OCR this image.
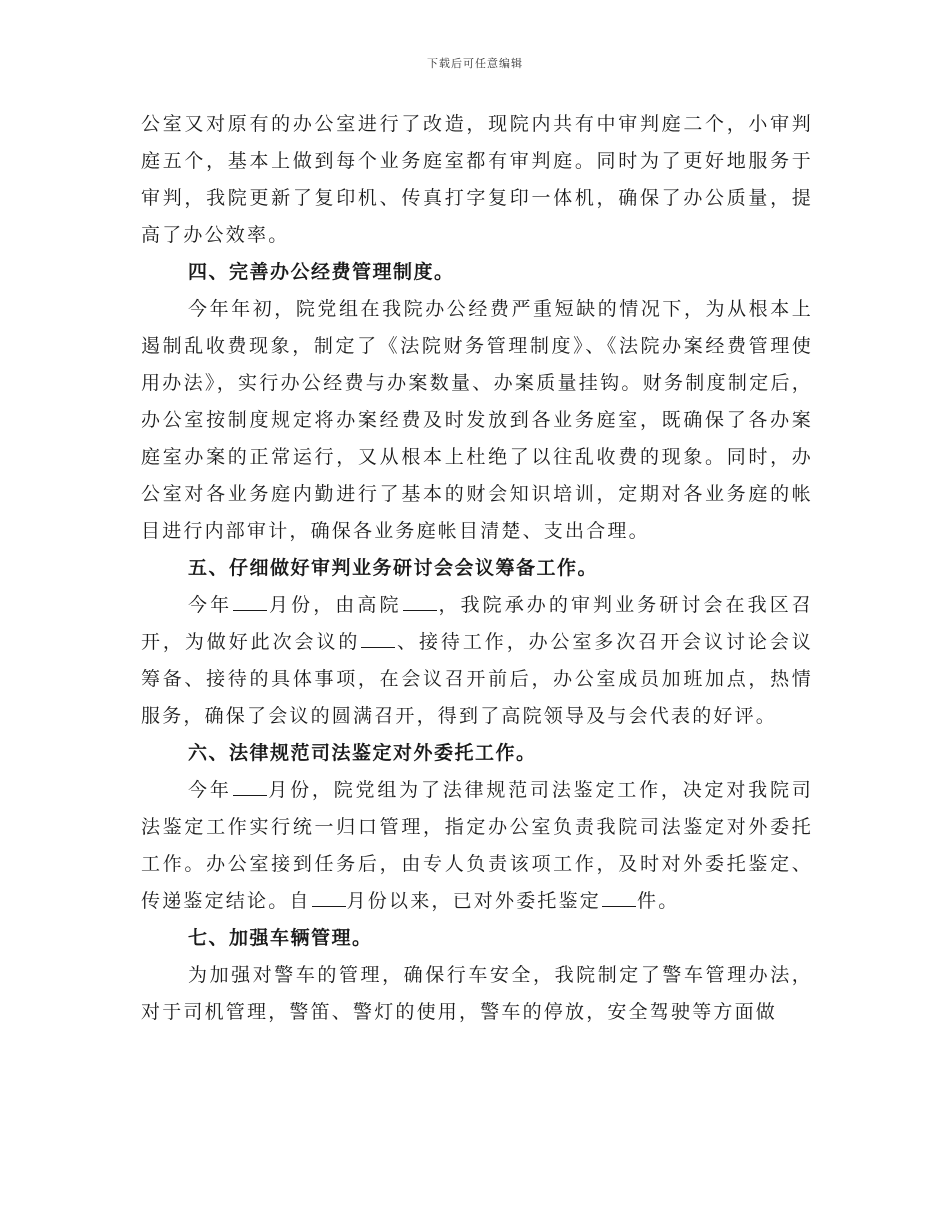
下载后可任意编辑

公室又对原有的办公室进行了改造，现院内共有中审判庭二个，小审判庭五个，基本上做到每个业务庭室都有审判庭。同时为了更好地服务于审判，我院更新了复印机、传真打字复印一体机，确保了办公质量，提高了办公效率。

四、完善办公经费管理制度。

今年年初，院党组在我院办公经费严重短缺的情况下，为从根本上遏制乱收费现象，制定了《法院财务管理制度》、《法院办案经费管理使用办法》，实行办公经费与办案数量、办案质量挂钩。财务制度制定后，办公室按制度规定将办案经费及时发放到各业务庭室，既确保了各办案庭室办案的正常运行，又从根本上杜绝了以往乱收费的现象。同时，办公室对各业务庭内勤进行了基本的财会知识培训，定期对各业务庭的帐目进行内部审计，确保各业务庭帐目清楚、支出合理。

五、仔细做好审判业务研讨会会议筹备工作。

今年 月份，由高院 ，我院承办的审判业务研讨会在我区召开，为做好此次会议的 、接待工作，办公室多次召开会议讨论会议筹备、接待的具体事项，在会议召开前后，办公室成员加班加点，热情服务，确保了会议的圆满召开，得到了高院领导及与会代表的好评。

六、法律规范司法鉴定对外委托工作。

今年 月份，院党组为了法律规范司法鉴定工作，决定对我院司法鉴定工作实行统一归口管理，指定办公室负责我院司法鉴定对外委托工作。办公室接到任务后，由专人负责该项工作，及时对外委托鉴定、传递鉴定结论。自 月份以来，已对外委托鉴定 件。

七、加强车辆管理。

为加强对警车的管理，确保行车安全，我院制定了警车管理办法，对于司机管理，警笛、警灯的使用，警车的停放，安全驾驶等方面做
